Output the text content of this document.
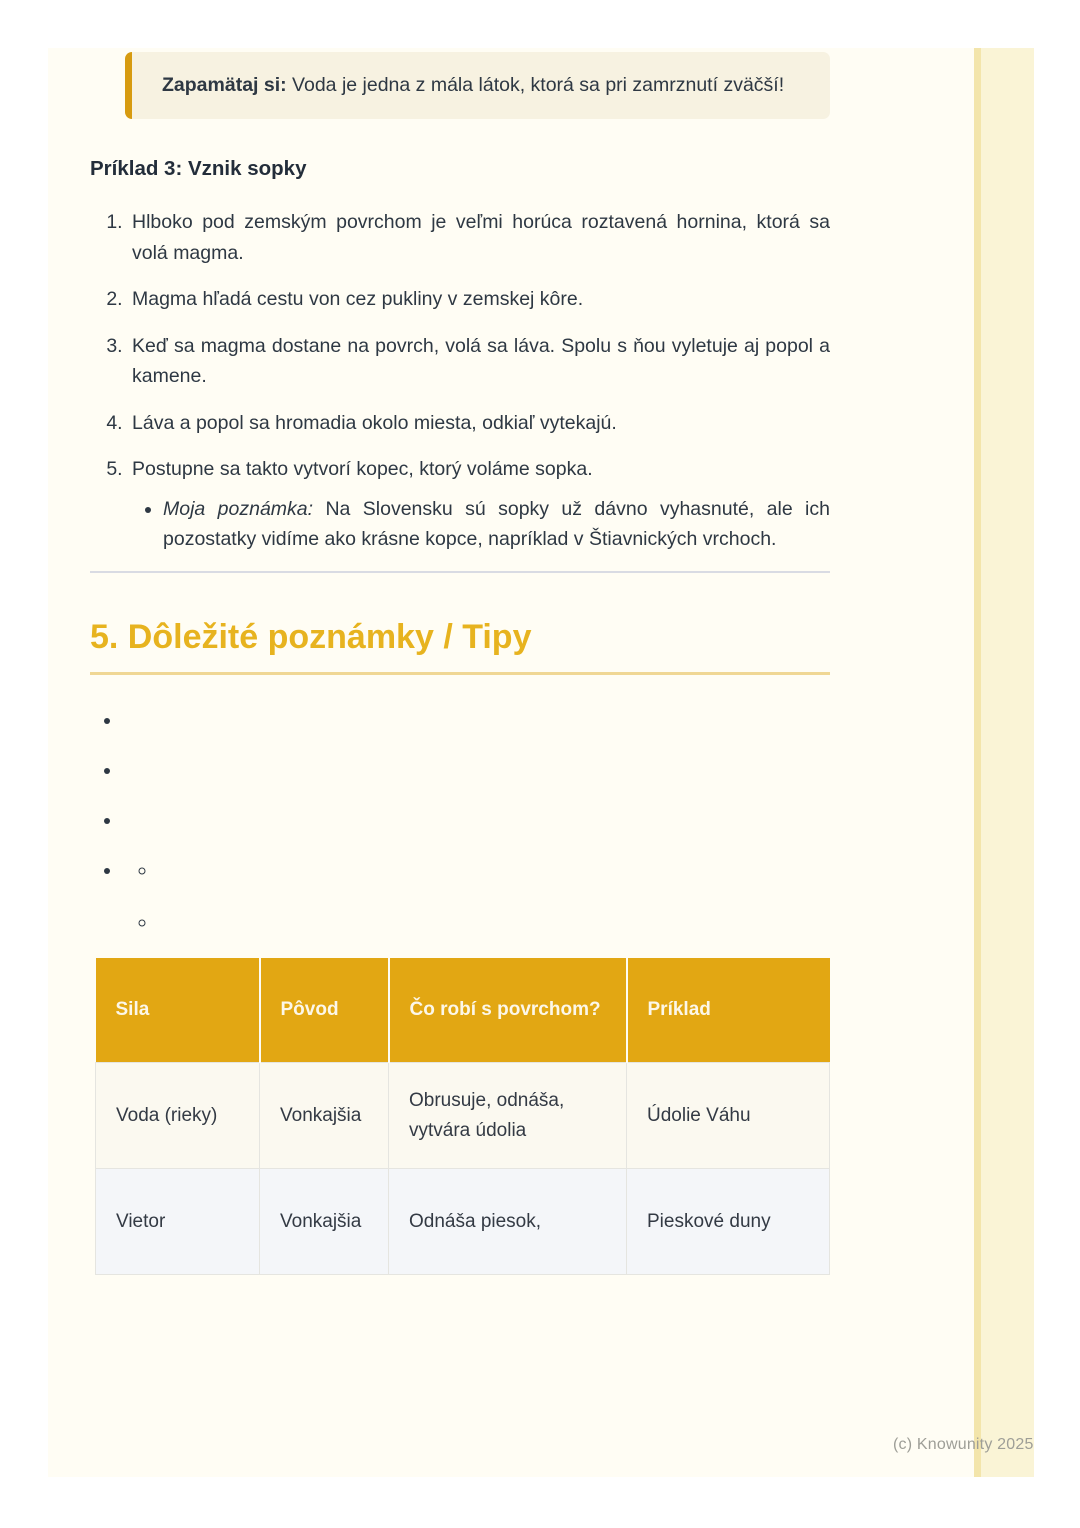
Zapamätaj si: Voda je jedna z mála látok, ktorá sa pri zamrznutí zväčší!
Príklad 3: Vznik sopky
1. Hlboko pod zemským povrchom je veľmi horúca roztavená hornina, ktorá sa volá magma.
2. Magma hľadá cestu von cez pukliny v zemskej kôre.
3. Keď sa magma dostane na povrch, volá sa láva. Spolu s ňou vyletuje aj popol a kamene.
4. Láva a popol sa hromadia okolo miesta, odkiaľ vytekajú.
5. Postupne sa takto vytvorí kopec, ktorý voláme sopka.
• Moja poznámka: Na Slovensku sú sopky už dávno vyhasnuté, ale ich pozostatky vidíme ako krásne kopce, napríklad v Štiavnických vrchoch.
5. Dôležité poznámky / Tipy
•
•
•
•
◦
◦
Sila	Pôvod	Čo robí s povrchom?	Príklad
Voda (rieky)	Vonkajšia	Obrusuje, odnáša, vytvára údolia	Údolie Váhu
Vietor	Vonkajšia	Odnáša piesok,	Pieskové duny
(c) Knowunity 2025
